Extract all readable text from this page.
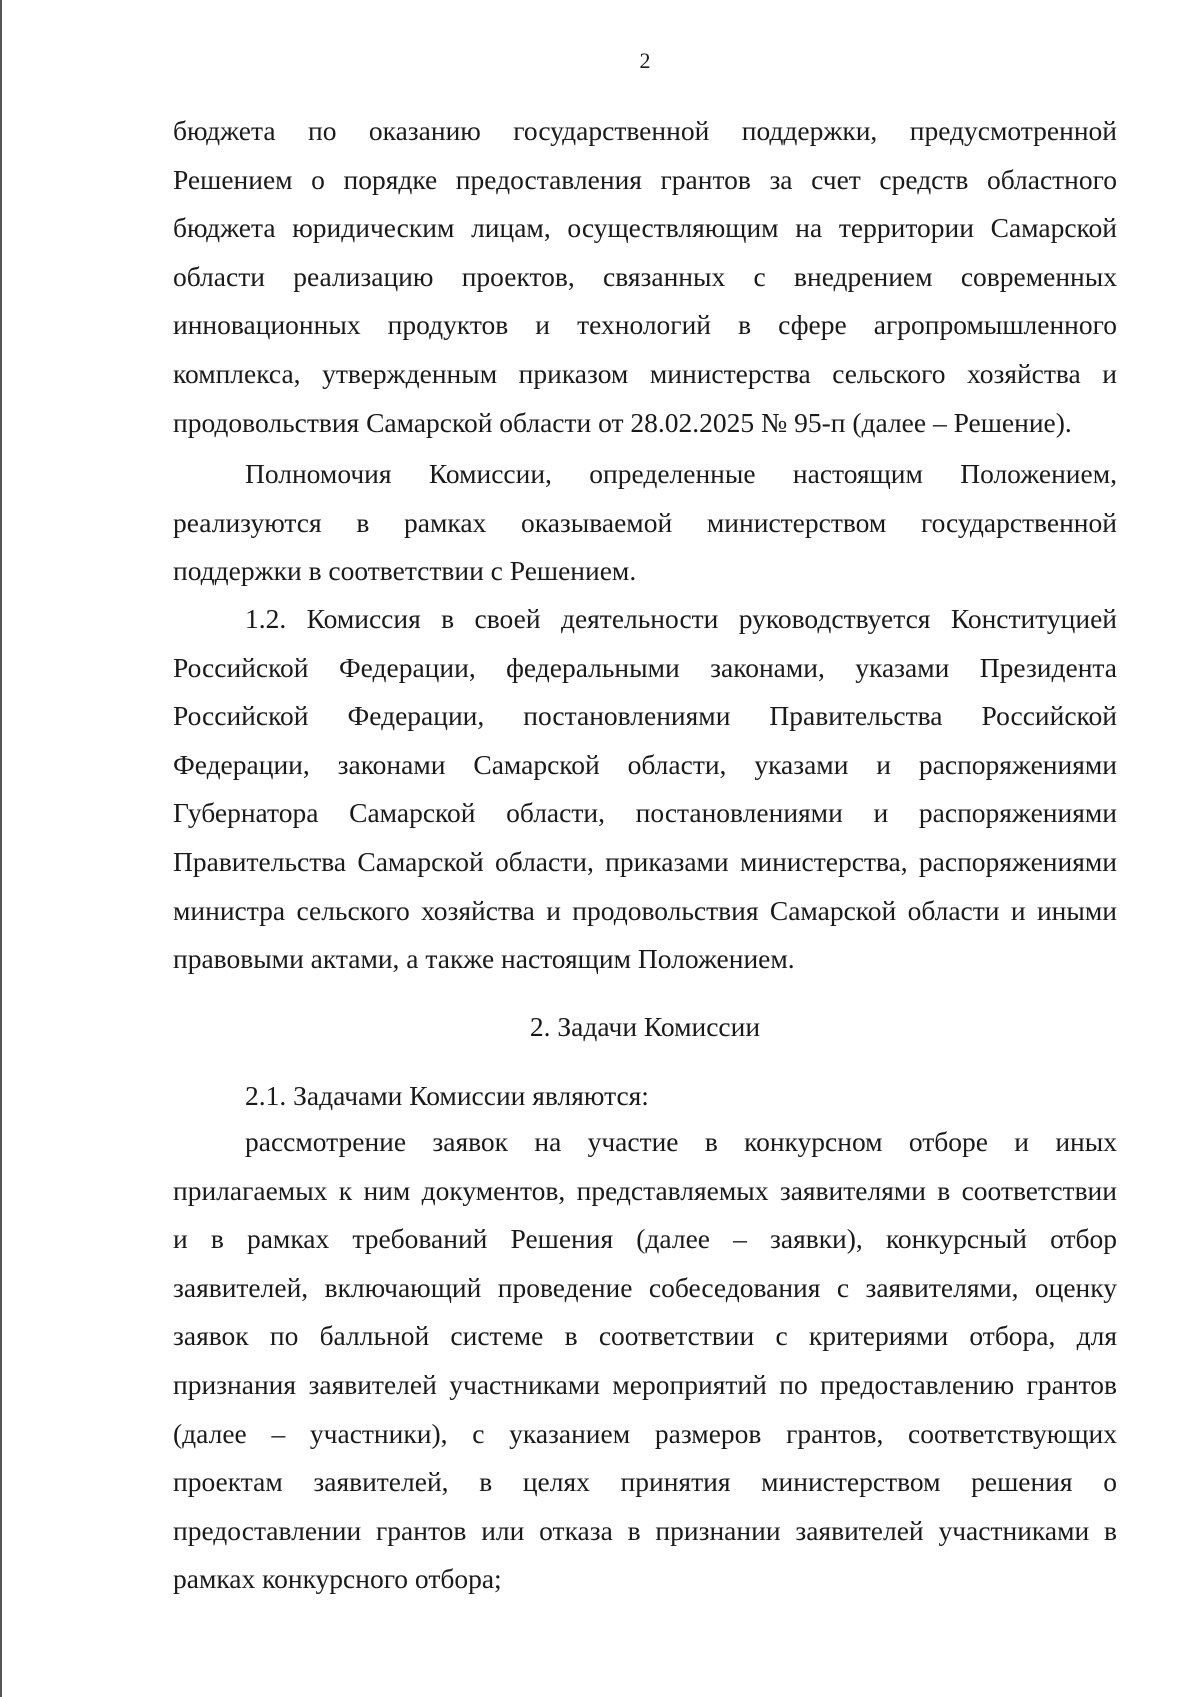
2

бюджета по оказанию государственной поддержки, предусмотренной

Решением о порядке предоставления грантов за счет средств областного

бюджета юридическим лицам, осуществляющим на территории Самарской

области реализацию проектов, связанных с внедрением современных

инновационных продуктов и технологий в сфере агропромышленного

комплекса, утвержденным приказом министерства сельского хозяйства и

продовольствия Самарской области от 28.02.2025 № 95-п (далее – Решение).

Полномочия Комиссии, определенные настоящим Положением,

реализуются в рамках оказываемой министерством государственной

поддержки в соответствии с Решением.

1.2. Комиссия в своей деятельности руководствуется Конституцией

Российской Федерации, федеральными законами, указами Президента

Российской Федерации, постановлениями Правительства Российской

Федерации, законами Самарской области, указами и распоряжениями

Губернатора Самарской области, постановлениями и распоряжениями

Правительства Самарской области, приказами министерства, распоряжениями

министра сельского хозяйства и продовольствия Самарской области и иными

правовыми актами, а также настоящим Положением.

2. Задачи Комиссии
2.1. Задачами Комиссии являются:

рассмотрение заявок на участие в конкурсном отборе и иных

прилагаемых к ним документов, представляемых заявителями в соответствии

и в рамках требований Решения (далее – заявки), конкурсный отбор

заявителей, включающий проведение собеседования с заявителями, оценку

заявок по балльной системе в соответствии с критериями отбора, для

признания заявителей участниками мероприятий по предоставлению грантов

(далее – участники), с указанием размеров грантов, соответствующих

проектам заявителей, в целях принятия министерством решения о

предоставлении грантов или отказа в признании заявителей участниками в

рамках конкурсного отбора;
